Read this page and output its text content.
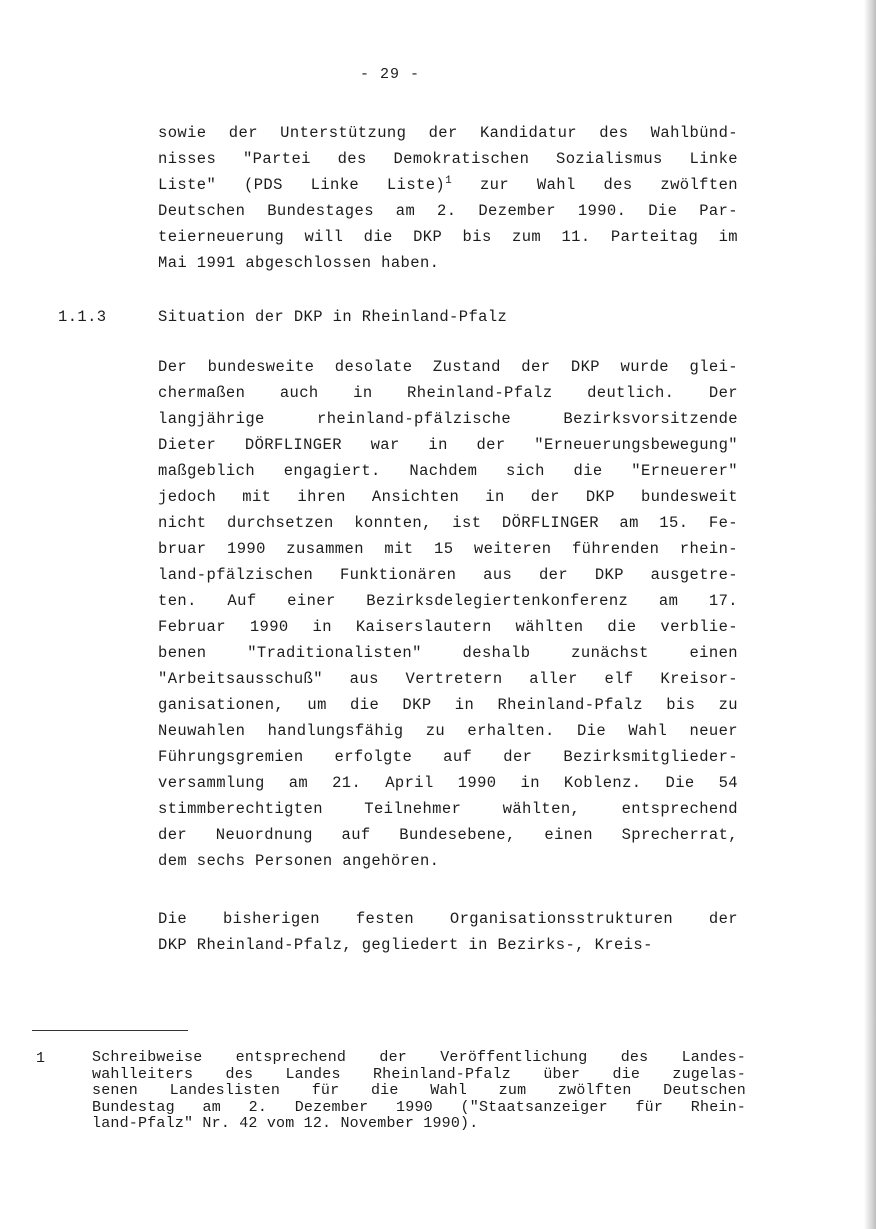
- 29 -
sowie der Unterstützung der Kandidatur des Wahlbünd-
nisses "Partei des Demokratischen Sozialismus Linke
Liste" (PDS Linke Liste)$^1$ zur Wahl des zwölften
Deutschen Bundestages am 2. Dezember 1990. Die Par-
teierneuerung will die DKP bis zum 11. Parteitag im
Mai 1991 abgeschlossen haben.
1.1.3	Situation der DKP in Rheinland-Pfalz
Der bundesweite desolate Zustand der DKP wurde glei-
chermaßen auch in Rheinland-Pfalz deutlich. Der
langjährige rheinland-pfälzische Bezirksvorsitzende
Dieter DÖRFLINGER war in der "Erneuerungsbewegung"
maßgeblich engagiert. Nachdem sich die "Erneuerer"
jedoch mit ihren Ansichten in der DKP bundesweit
nicht durchsetzen konnten, ist DÖRFLINGER am 15. Fe-
bruar 1990 zusammen mit 15 weiteren führenden rhein-
land-pfälzischen Funktionären aus der DKP ausgetre-
ten. Auf einer Bezirksdelegiertenkonferenz am 17.
Februar 1990 in Kaiserslautern wählten die verblie-
benen "Traditionalisten" deshalb zunächst einen
"Arbeitsausschuß" aus Vertretern aller elf Kreisor-
ganisationen, um die DKP in Rheinland-Pfalz bis zu
Neuwahlen handlungsfähig zu erhalten. Die Wahl neuer
Führungsgremien erfolgte auf der Bezirksmitglieder-
versammlung am 21. April 1990 in Koblenz. Die 54
stimmberechtigten Teilnehmer wählten, entsprechend
der Neuordnung auf Bundesebene, einen Sprecherrat,
dem sechs Personen angehören.
Die bisherigen festen Organisationsstrukturen der
DKP Rheinland-Pfalz, gegliedert in Bezirks-, Kreis-
1	Schreibweise entsprechend der Veröffentlichung des Landes-
wahlleiters des Landes Rheinland-Pfalz über die zugelas-
senen Landeslisten für die Wahl zum zwölften Deutschen
Bundestag am 2. Dezember 1990 ("Staatsanzeiger für Rhein-
land-Pfalz" Nr. 42 vom 12. November 1990).
